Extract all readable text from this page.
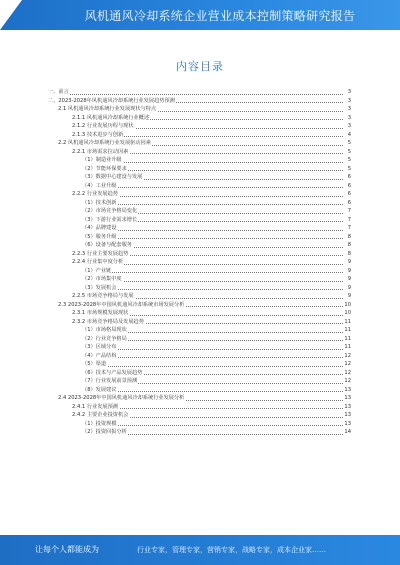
风机通风冷却系统企业营业成本控制策略研究报告
内容目录
一、前言	3
二、2023-2028年风机通风冷却系统行业发展趋势预测	3
2.1 风机通风冷却系统行业发展现状与特点	3
2.1.1 风机通风冷却系统行业概述	3
2.1.2 行业发展历程与现状	3
2.1.3 技术进步与创新	4
2.2 风机通风冷却系统行业发展驱动因素	5
2.2.1 市场需求拉动因素	5
（1）制造业升级	5
（2）节能环保要求	5
（3）数据中心建设与发展	6
（4）工业升级	6
2.2.2 行业发展趋势	6
（1）技术创新	6
（2）市场竞争格局变化	7
（3）下游行业需求增长	7
（4）品牌建设	7
（5）服务升级	8
（6）设备与配套服务	8
2.2.3 行业主要发展趋势	8
2.2.4 行业集中度分析	9
（1）产业链	9
（2）市场集中度	9
（3）发展机会	9
2.2.5 市场竞争格局与发展	9
2.3 2023-2028年中国风机通风冷却系统市场发展分析	10
2.3.1 市场规模发展现状	10
2.3.2 市场竞争格局及发展趋势	11
（1）市场格局现状	11
（2）行业竞争格局	11
（3）区域分布	11
（4）产品结构	12
（5）渠道	12
（6）技术与产品发展趋势	12
（7）行业发展前景预测	12
（8）发展建议	13
2.4 2023-2028年中国风机通风冷却系统行业发展分析	13
2.4.1 行业发展预测	13
2.4.2 主要企业投资机会	13
（1）投资规模	13
（2）投资回报分析	14
让每个人都能成为	行业专家，管理专家，营销专家，战略专家，成本企业家……
